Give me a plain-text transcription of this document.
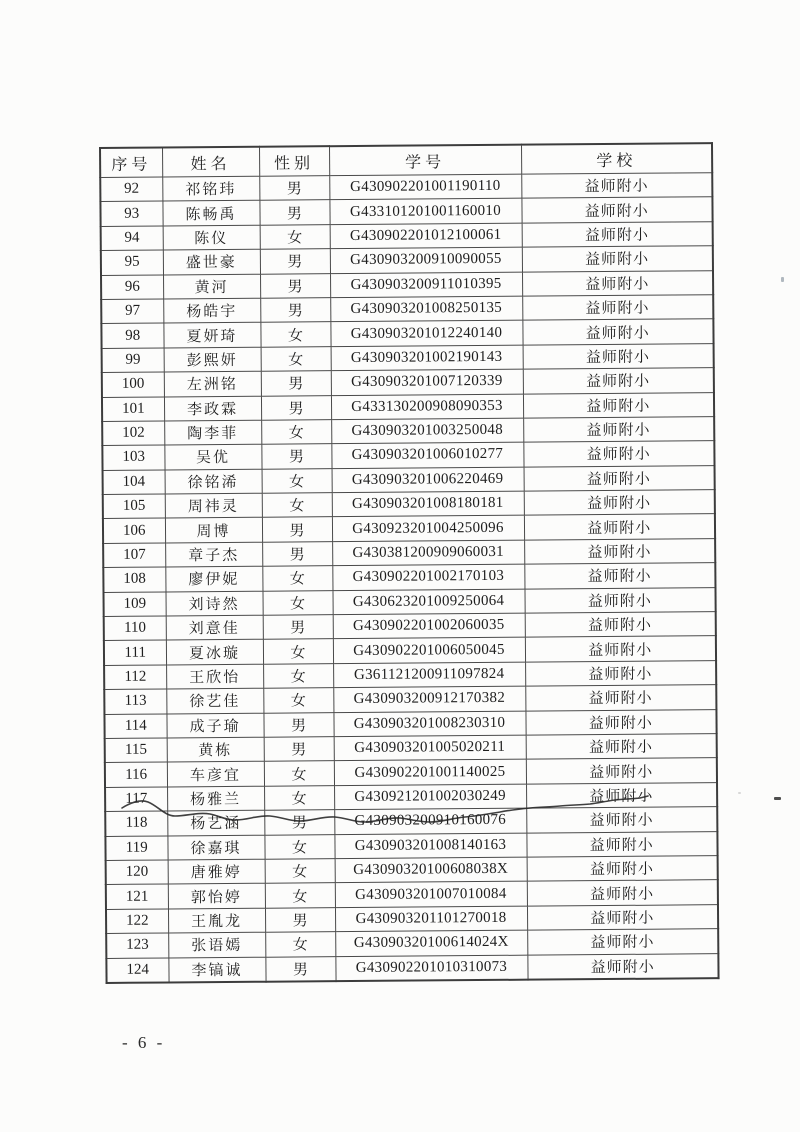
序号	姓名	性别	学号	学校
92	祁铭玮	男	G430902201001190110	益师附小
93	陈畅禹	男	G433101201001160010	益师附小
94	陈仪	女	G430902201012100061	益师附小
95	盛世豪	男	G430903200910090055	益师附小
96	黄河	男	G430903200911010395	益师附小
97	杨皓宇	男	G430903201008250135	益师附小
98	夏妍琦	女	G430903201012240140	益师附小
99	彭熙妍	女	G430903201002190143	益师附小
100	左洲铭	男	G430903201007120339	益师附小
101	李政霖	男	G433130200908090353	益师附小
102	陶李菲	女	G430903201003250048	益师附小
103	吴优	男	G430903201006010277	益师附小
104	徐铭浠	女	G430903201006220469	益师附小
105	周祎灵	女	G430903201008180181	益师附小
106	周博	男	G430923201004250096	益师附小
107	章子杰	男	G430381200909060031	益师附小
108	廖伊妮	女	G430902201002170103	益师附小
109	刘诗然	女	G430623201009250064	益师附小
110	刘意佳	男	G430902201002060035	益师附小
111	夏冰璇	女	G430902201006050045	益师附小
112	王欣怡	女	G361121200911097824	益师附小
113	徐艺佳	女	G430903200912170382	益师附小
114	成子瑜	男	G430903201008230310	益师附小
115	黄栋	男	G430903201005020211	益师附小
116	车彦宜	女	G430902201001140025	益师附小
117	杨雅兰	女	G430921201002030249	益师附小
118	杨艺涵	男	G430903200910160076	益师附小
119	徐嘉琪	女	G430903201008140163	益师附小
120	唐雅婷	女	G43090320100608038X	益师附小
121	郭怡婷	女	G430903201007010084	益师附小
122	王胤龙	男	G430903201101270018	益师附小
123	张语嫣	女	G43090320100614024X	益师附小
124	李镐诚	男	G430902201010310073	益师附小
- 6 -
